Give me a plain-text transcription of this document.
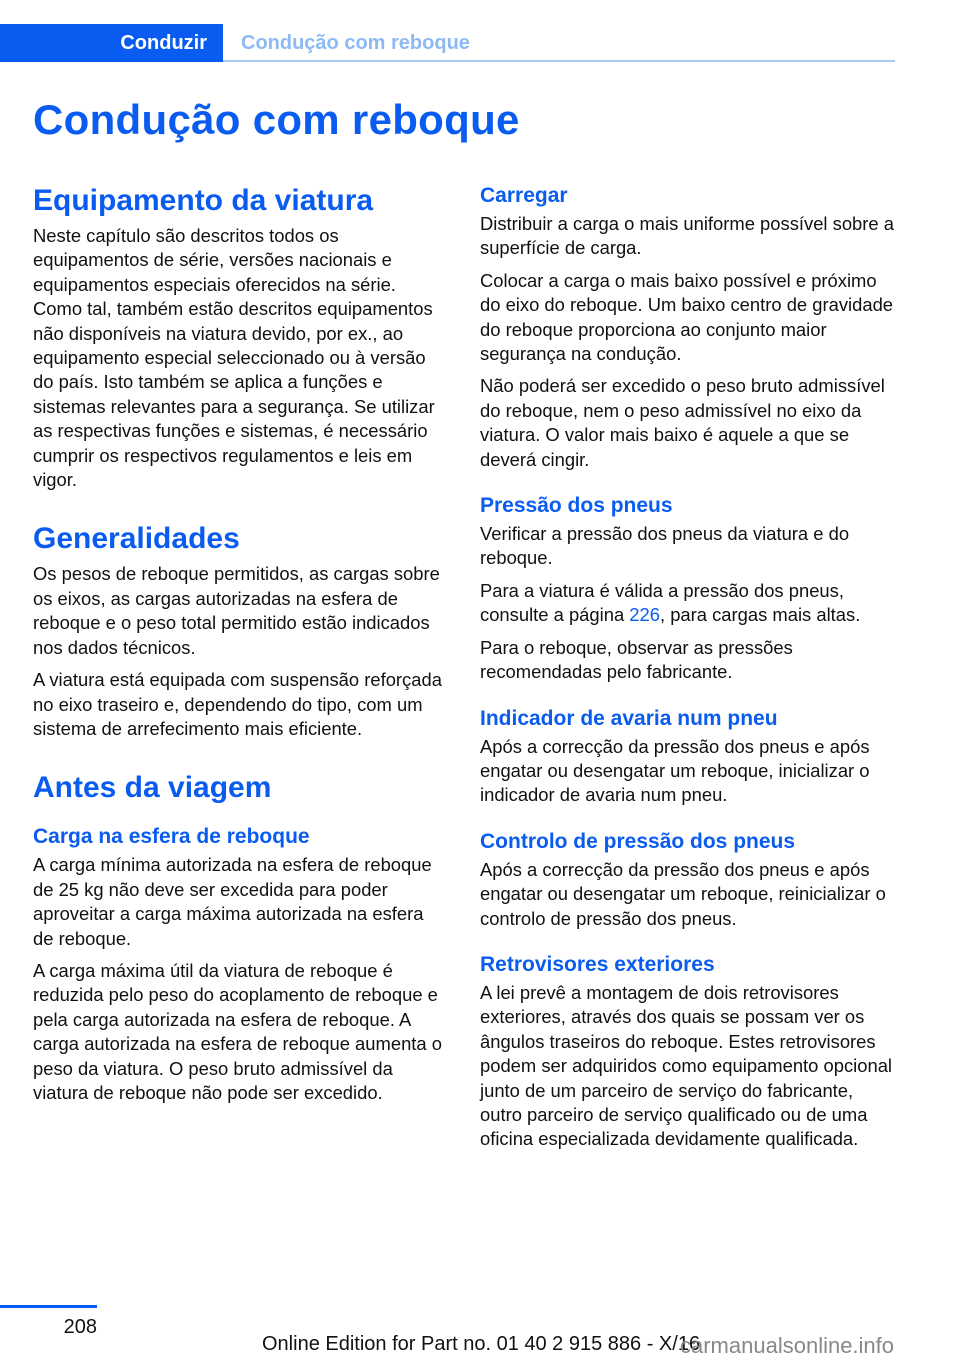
Conduzir Condução com reboque
Condução com reboque
Equipamento da viatura

Neste capítulo são descritos todos os equipamentos de série, versões nacionais e equipamentos especiais oferecidos na série. Como tal, também estão descritos equipamentos não disponíveis na viatura devido, por ex., ao equipamento especial seleccionado ou à versão do país. Isto também se aplica a funções e sistemas relevantes para a segurança. Se utilizar as respectivas funções e sistemas, é necessário cumprir os respectivos regulamentos e leis em vigor.

Generalidades

Os pesos de reboque permitidos, as cargas sobre os eixos, as cargas autorizadas na esfera de reboque e o peso total permitido estão indicados nos dados técnicos.

A viatura está equipada com suspensão reforçada no eixo traseiro e, dependendo do tipo, com um sistema de arrefecimento mais eficiente.

Antes da viagem
Carga na esfera de reboque

A carga mínima autorizada na esfera de reboque de 25 kg não deve ser excedida para poder aproveitar a carga máxima autorizada na esfera de reboque.

A carga máxima útil da viatura de reboque é reduzida pelo peso do acoplamento de reboque e pela carga autorizada na esfera de reboque. A carga autorizada na esfera de reboque aumenta o peso da viatura. O peso bruto admissível da viatura de reboque não pode ser excedido.

Carregar

Distribuir a carga o mais uniforme possível sobre a superfície de carga.

Colocar a carga o mais baixo possível e próximo do eixo do reboque. Um baixo centro de gravidade do reboque proporciona ao conjunto maior segurança na condução.

Não poderá ser excedido o peso bruto admissível do reboque, nem o peso admissível no eixo da viatura. O valor mais baixo é aquele a que se deverá cingir.

Pressão dos pneus

Verificar a pressão dos pneus da viatura e do reboque.

Para a viatura é válida a pressão dos pneus, consulte a página 226, para cargas mais altas.

Para o reboque, observar as pressões recomendadas pelo fabricante.

Indicador de avaria num pneu

Após a correcção da pressão dos pneus e após engatar ou desengatar um reboque, inicializar o indicador de avaria num pneu.

Controlo de pressão dos pneus

Após a correcção da pressão dos pneus e após engatar ou desengatar um reboque, reinicializar o controlo de pressão dos pneus.

Retrovisores exteriores

A lei prevê a montagem de dois retrovisores exteriores, através dos quais se possam ver os ângulos traseiros do reboque. Estes retrovisores podem ser adquiridos como equipamento opcional junto de um parceiro de serviço do fabricante, outro parceiro de serviço qualificado ou de uma oficina especializada devidamente qualificada.

208
Online Edition for Part no. 01 40 2 915 886 - X/16
carmanualsonline.info
